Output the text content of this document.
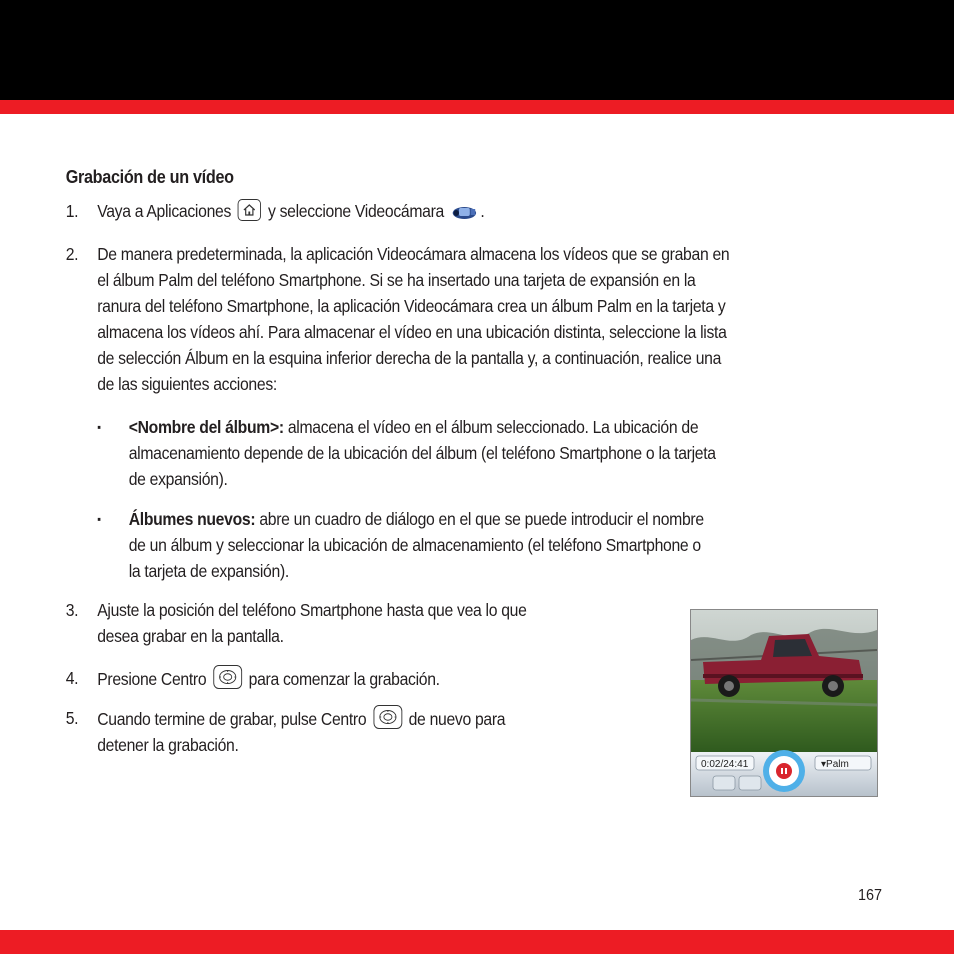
Grabación de un vídeo
1. Vaya a Aplicaciones y seleccione Videocámara .
2. De manera predeterminada, la aplicación Videocámara almacena los vídeos que se graban en
el álbum Palm del teléfono Smartphone. Si se ha insertado una tarjeta de expansión en la
ranura del teléfono Smartphone, la aplicación Videocámara crea un álbum Palm en la tarjeta y
almacena los vídeos ahí. Para almacenar el vídeo en una ubicación distinta, seleccione la lista
de selección Álbum en la esquina inferior derecha de la pantalla y, a continuación, realice una
de las siguientes acciones:
▪ <Nombre del álbum>: almacena el vídeo en el álbum seleccionado. La ubicación de
almacenamiento depende de la ubicación del álbum (el teléfono Smartphone o la tarjeta
de expansión).
▪ Álbumes nuevos: abre un cuadro de diálogo en el que se puede introducir el nombre
de un álbum y seleccionar la ubicación de almacenamiento (el teléfono Smartphone o
la tarjeta de expansión).
3. Ajuste la posición del teléfono Smartphone hasta que vea lo que
desea grabar en la pantalla.
4. Presione Centro para comenzar la grabación.
5. Cuando termine de grabar, pulse Centro de nuevo para
detener la grabación.
0:02/24:41	▾Palm
167
